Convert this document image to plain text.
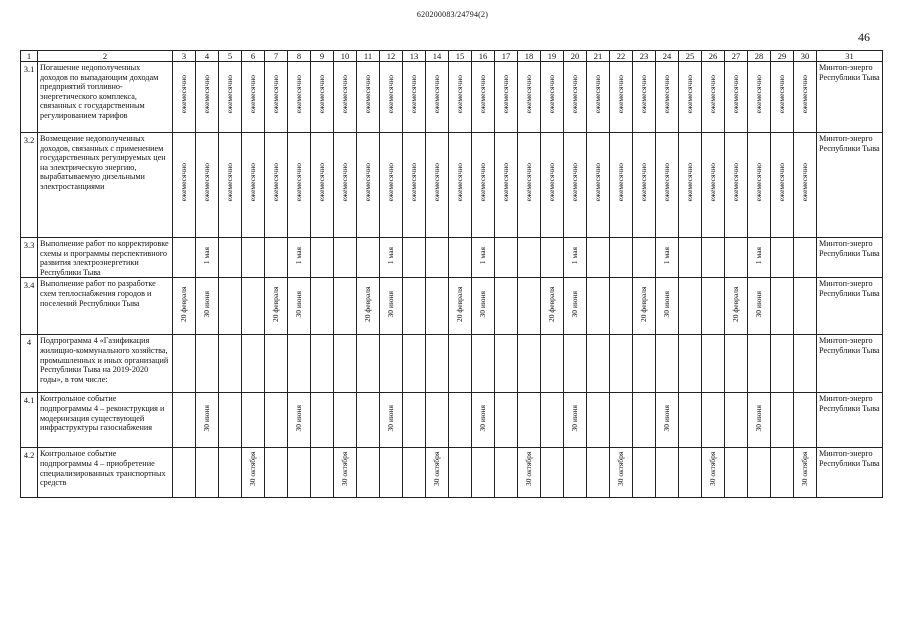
620200083/24794(2)
46
1	2	3	4	5	6	7	8	9	10	11	12	13	14	15	16	17	18	19	20	21	22	23	24	25	26	27	28	29	30	31
3.1	Погашение недополученных доходов по выпадающим доходам предприятий топливно-энергетического комплекса, связанных с государственным регулированием тарифов	ежемесячно	ежемесячно	ежемесячно	ежемесячно	ежемесячно	ежемесячно	ежемесячно	ежемесячно	ежемесячно	ежемесячно	ежемесячно	ежемесячно	ежемесячно	ежемесячно	ежемесячно	ежемесячно	ежемесячно	ежемесячно	ежемесячно	ежемесячно	ежемесячно	ежемесячно	ежемесячно	ежемесячно	ежемесячно	ежемесячно	ежемесячно	ежемесячно	Минтоп-энерго Республики Тыва
3.2	Возмещение недополученных доходов, связанных с применением государственных регулируемых цен на электрическую энергию, вырабатываемую дизельными электростанциями	ежемесячно	ежемесячно	ежемесячно	ежемесячно	ежемесячно	ежемесячно	ежемесячно	ежемесячно	ежемесячно	ежемесячно	ежемесячно	ежемесячно	ежемесячно	ежемесячно	ежемесячно	ежемесячно	ежемесячно	ежемесячно	ежемесячно	ежемесячно	ежемесячно	ежемесячно	ежемесячно	ежемесячно	ежемесячно	ежемесячно	ежемесячно	ежемесячно	Минтоп-энерго Республики Тыва
3.3	Выполнение работ по корректировке схемы и программы перспективного развития электроэнергетики Республики Тыва		1 мая				1 мая				1 мая				1 мая				1 мая				1 мая				1 мая			Минтоп-энерго Республики Тыва
3.4	Выполнение работ по разработке схем теплоснабжения городов и поселений Республики Тыва	20 февраля	30 июня			20 февраля	30 июня			20 февраля	30 июня			20 февраля	30 июня			20 февраля	30 июня			20 февраля	30 июня			20 февраля	30 июня			Минтоп-энерго Республики Тыва
4	Подпрограмма 4 «Газификация жилищно-коммунального хозяйства, промышленных и иных организаций Республики Тыва на 2019-2020 годы», в том числе:																													Минтоп-энерго Республики Тыва
4.1	Контрольное событие подпрограммы 4 – реконструкция и модернизация существующей инфраструктуры газоснабжения		30 июня				30 июня				30 июня				30 июня				30 июня				30 июня				30 июня			Минтоп-энерго Республики Тыва
4.2	Контрольное событие подпрограммы 4 – приобретение специализированных транспортных средств				30 октября				30 октября				30 октября				30 октября				30 октября				30 октября				30 октября	Минтоп-энерго Республики Тыва
